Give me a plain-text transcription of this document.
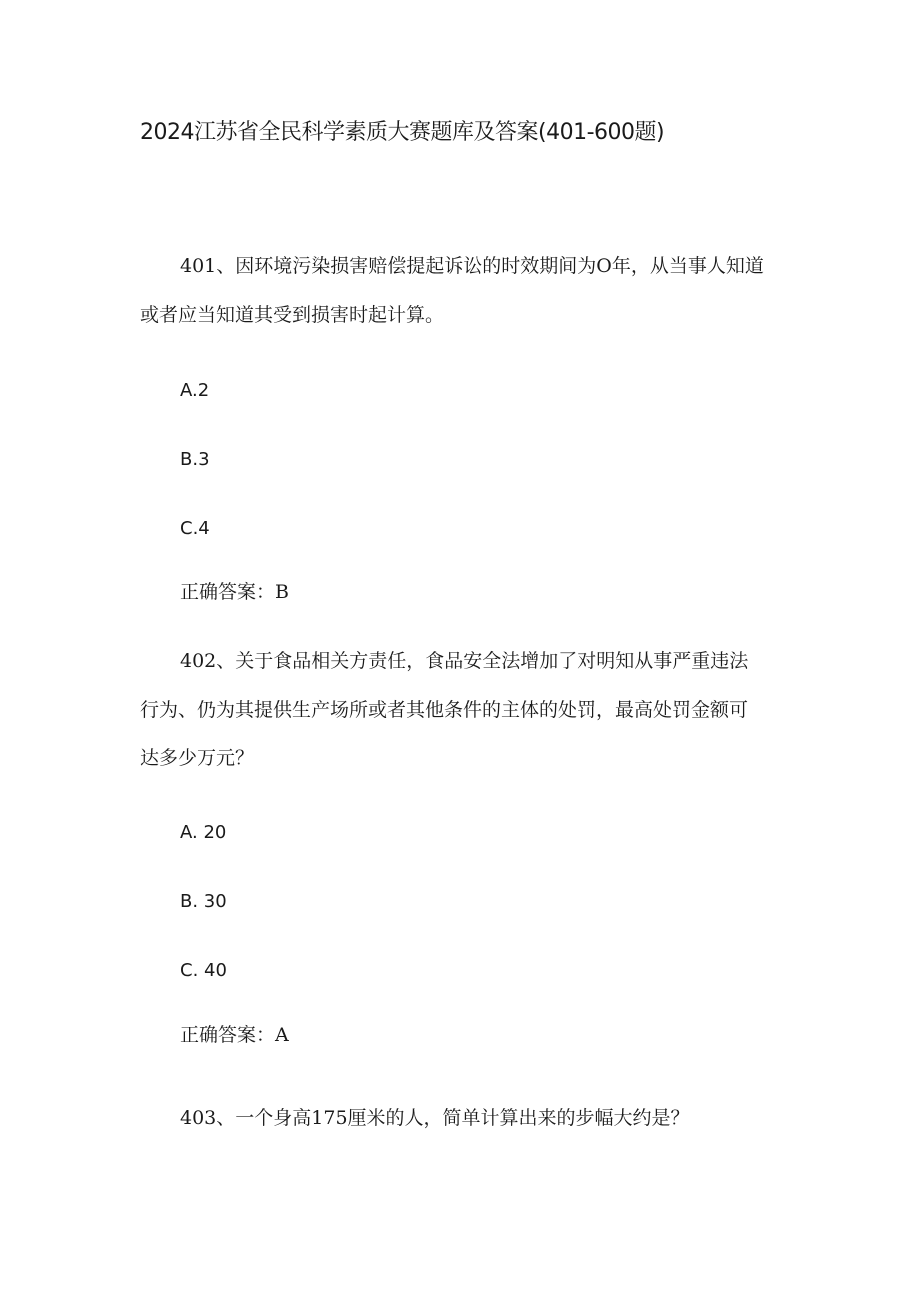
2024江苏省全民科学素质大赛题库及答案(401-600题)
401、因环境污染损害赔偿提起诉讼的时效期间为O年，从当事人知道
或者应当知道其受到损害时起计算。
A.2
B.3
C.4
正确答案：B
402、关于食品相关方责任，食品安全法增加了对明知从事严重违法
行为、仍为其提供生产场所或者其他条件的主体的处罚，最高处罚金额可
达多少万元？
A. 20
B. 30
C. 40
正确答案：A
403、一个身高175厘米的人，简单计算出来的步幅大约是？
